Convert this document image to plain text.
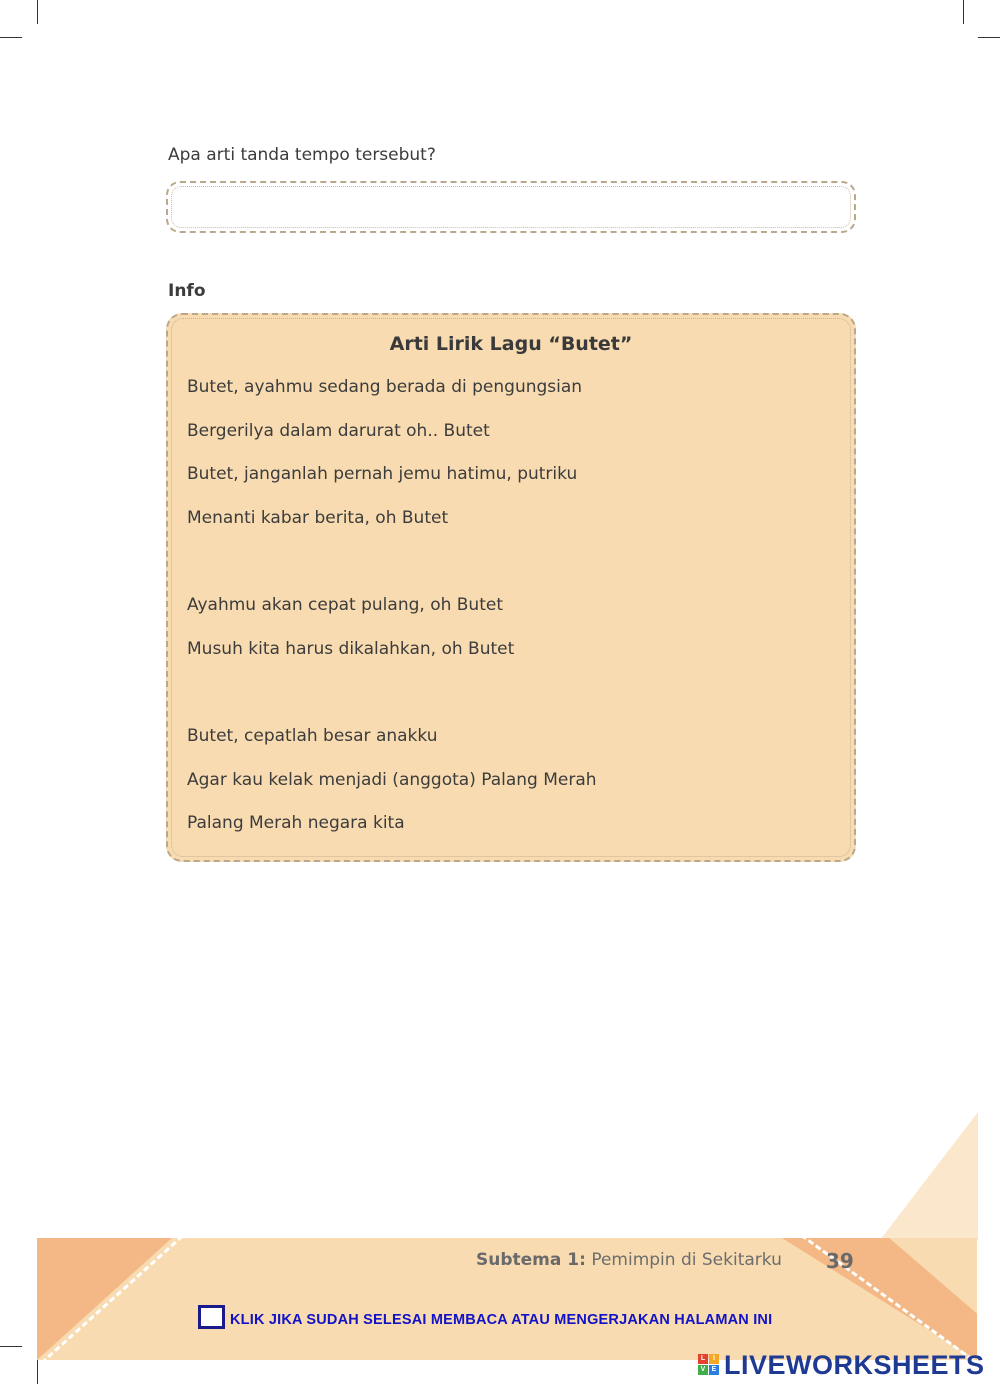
Apa arti tanda tempo tersebut?
Info
Arti Lirik Lagu “Butet”
Butet, ayahmu sedang berada di pengungsian
Bergerilya dalam darurat oh.. Butet
Butet, janganlah pernah jemu hatimu, putriku
Menanti kabar berita, oh Butet
Ayahmu akan cepat pulang, oh Butet
Musuh kita harus dikalahkan, oh Butet
Butet, cepatlah besar anakku
Agar kau kelak menjadi (anggota) Palang Merah
Palang Merah negara kita
Subtema 1: Pemimpin di Sekitarku 39
KLIK JIKA SUDAH SELESAI MEMBACA ATAU MENGERJAKAN HALAMAN INI
L	I
V E LIVEWORKSHEETS
